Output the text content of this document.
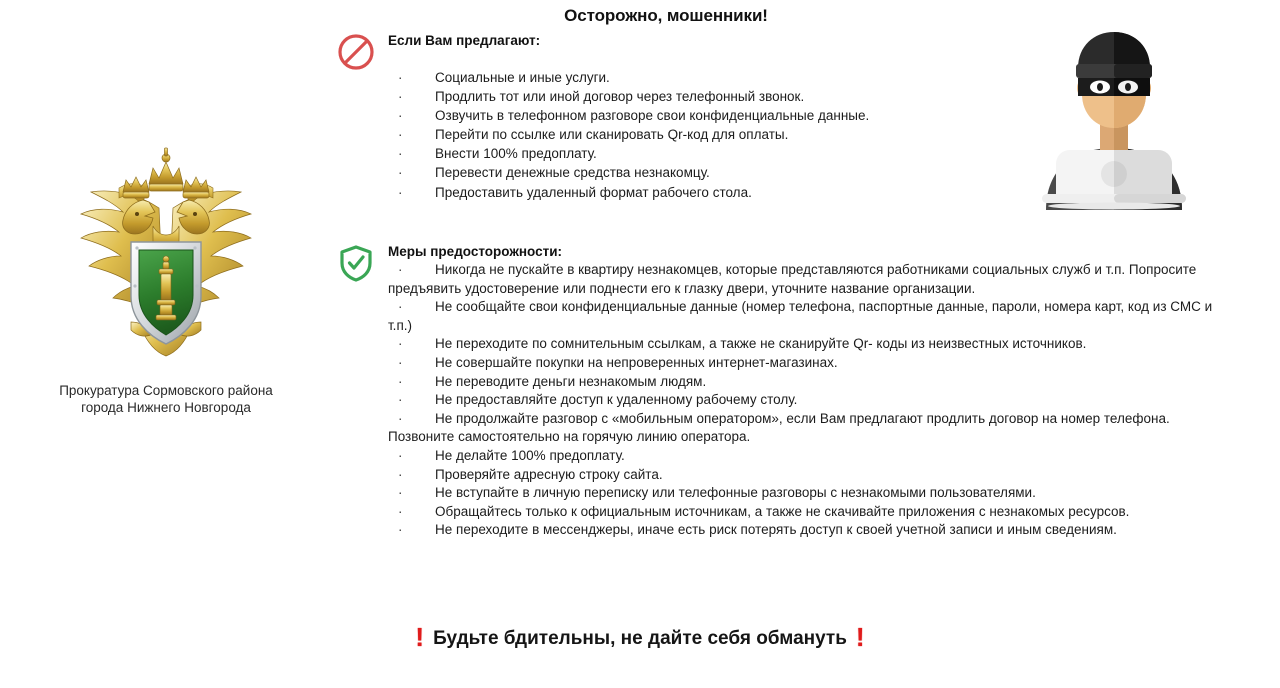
Осторожно, мошенники!
Прокуратура Сормовского района
города Нижнего Новгорода
Если Вам предлагают:
· Социальные и иные услуги.
· Продлить тот или иной договор через телефонный звонок.
· Озвучить в телефонном разговоре свои конфиденциальные данные.
· Перейти по ссылке или сканировать Qr-код для оплаты.
· Внести 100% предоплату.
· Перевести денежные средства незнакомцу.
· Предоставить удаленный формат рабочего стола.
Меры предосторожности:
· Никогда не пускайте в квартиру незнакомцев, которые представляются работниками социальных служб и т.п. Попросите предъявить удостоверение или поднести его к глазку двери, уточните название организации.
· Не сообщайте свои конфиденциальные данные (номер телефона, паспортные данные, пароли, номера карт, код из СМС и т.п.)
· Не переходите по сомнительным ссылкам, а также не сканируйте Qr- коды из неизвестных источников.
· Не совершайте покупки на непроверенных интернет-магазинах.
· Не переводите деньги незнакомым людям.
· Не предоставляйте доступ к удаленному рабочему столу.
· Не продолжайте разговор с «мобильным оператором», если Вам предлагают продлить договор на номер телефона. Позвоните самостоятельно на горячую линию оператора.
· Не делайте 100% предоплату.
· Проверяйте адресную строку сайта.
· Не вступайте в личную переписку или телефонные разговоры с незнакомыми пользователями.
· Обращайтесь только к официальным источникам, а также не скачивайте приложения с незнакомых ресурсов.
· Не переходите в мессенджеры, иначе есть риск потерять доступ к своей учетной записи и иным сведениям.
! Будьте бдительны, не дайте себя обмануть !
